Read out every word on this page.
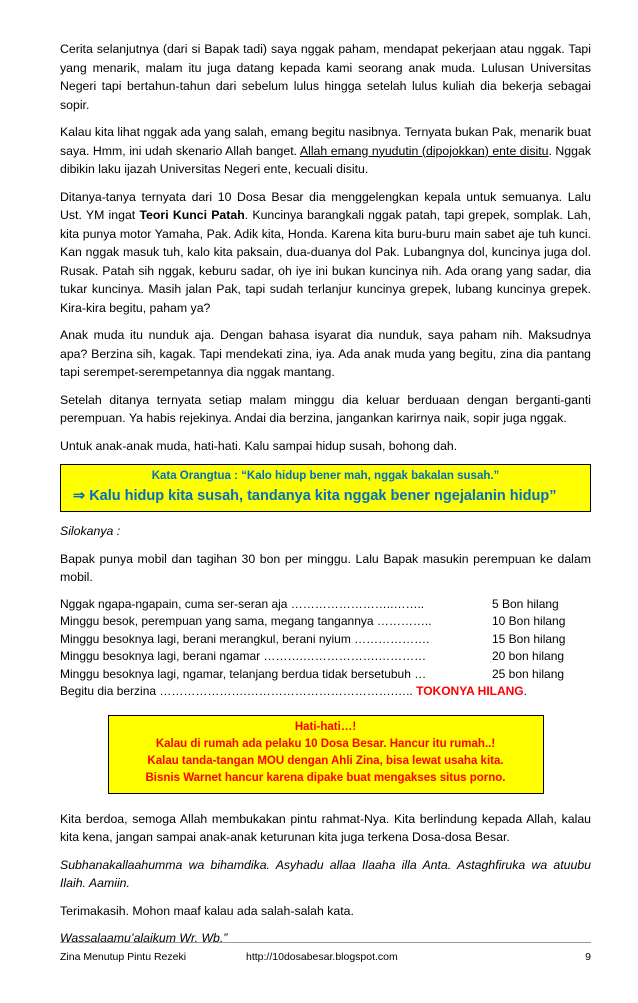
Cerita selanjutnya (dari si Bapak tadi) saya nggak paham, mendapat pekerjaan atau nggak. Tapi yang menarik, malam itu juga datang kepada kami seorang anak muda. Lulusan Universitas Negeri tapi bertahun-tahun dari sebelum lulus hingga setelah lulus kuliah dia bekerja sebagai sopir.

Kalau kita lihat nggak ada yang salah, emang begitu nasibnya. Ternyata bukan Pak, menarik buat saya. Hmm, ini udah skenario Allah banget. Allah emang nyudutin (dipojokkan) ente disitu. Nggak dibikin laku ijazah Universitas Negeri ente, kecuali disitu.

Ditanya-tanya ternyata dari 10 Dosa Besar dia menggelengkan kepala untuk semuanya. Lalu Ust. YM ingat Teori Kunci Patah. Kuncinya barangkali nggak patah, tapi grepek, somplak. Lah, kita punya motor Yamaha, Pak. Adik kita, Honda. Karena kita buru-buru main sabet aje tuh kunci. Kan nggak masuk tuh, kalo kita paksain, dua-duanya dol Pak. Lubangnya dol, kuncinya juga dol. Rusak. Patah sih nggak, keburu sadar, oh iye ini bukan kuncinya nih. Ada orang yang sadar, dia tukar kuncinya. Masih jalan Pak, tapi sudah terlanjur kuncinya grepek, lubang kuncinya grepek. Kira-kira begitu, paham ya?

Anak muda itu nunduk aja. Dengan bahasa isyarat dia nunduk, saya paham nih. Maksudnya apa? Berzina sih, kagak. Tapi mendekati zina, iya. Ada anak muda yang begitu, zina dia pantang tapi serempet-serempetannya dia nggak mantang.

Setelah ditanya ternyata setiap malam minggu dia keluar berduaan dengan berganti-ganti perempuan. Ya habis rejekinya. Andai dia berzina, jangankan karirnya naik, sopir juga nggak.

Untuk anak-anak muda, hati-hati. Kalu sampai hidup susah, bohong dah.

Kata Orangtua : “Kalo hidup bener mah, nggak bakalan susah.”
⇒ Kalu hidup kita susah, tandanya kita nggak bener ngejalanin hidup”

Silokanya :

Bapak punya mobil dan tagihan 30 bon per minggu. Lalu Bapak masukin perempuan ke dalam mobil.

Nggak ngapa-ngapain, cuma ser-seran aja ……………………..……..	5 Bon hilang
Minggu besok, perempuan yang sama, megang tangannya …………..	10 Bon hilang
Minggu besoknya lagi, berani merangkul, berani nyium ……………….	15 Bon hilang
Minggu besoknya lagi, berani ngamar ……….……………….…………	20 bon hilang
Minggu besoknya lagi, ngamar, telanjang berdua tidak bersetubuh …	25 bon hilang
Begitu dia berzina ………………….……………………………….….. TOKONYA HILANG.	
Hati-hati…!
Kalau di rumah ada pelaku 10 Dosa Besar. Hancur itu rumah..!
Kalau tanda-tangan MOU dengan Ahli Zina, bisa lewat usaha kita.
Bisnis Warnet hancur karena dipake buat mengakses situs porno.

Kita berdoa, semoga Allah membukakan pintu rahmat-Nya. Kita berlindung kepada Allah, kalau kita kena, jangan sampai anak-anak keturunan kita juga terkena Dosa-dosa Besar.

Subhanakallaahumma wa bihamdika. Asyhadu allaa Ilaaha illa Anta. Astaghfiruka wa atuubu Ilaih. Aamiin.

Terimakasih. Mohon maaf kalau ada salah-salah kata.

Wassalaamu’alaikum Wr. Wb.”

Zina Menutup Pintu Rezeki	http://10dosabesar.blogspot.com	9
